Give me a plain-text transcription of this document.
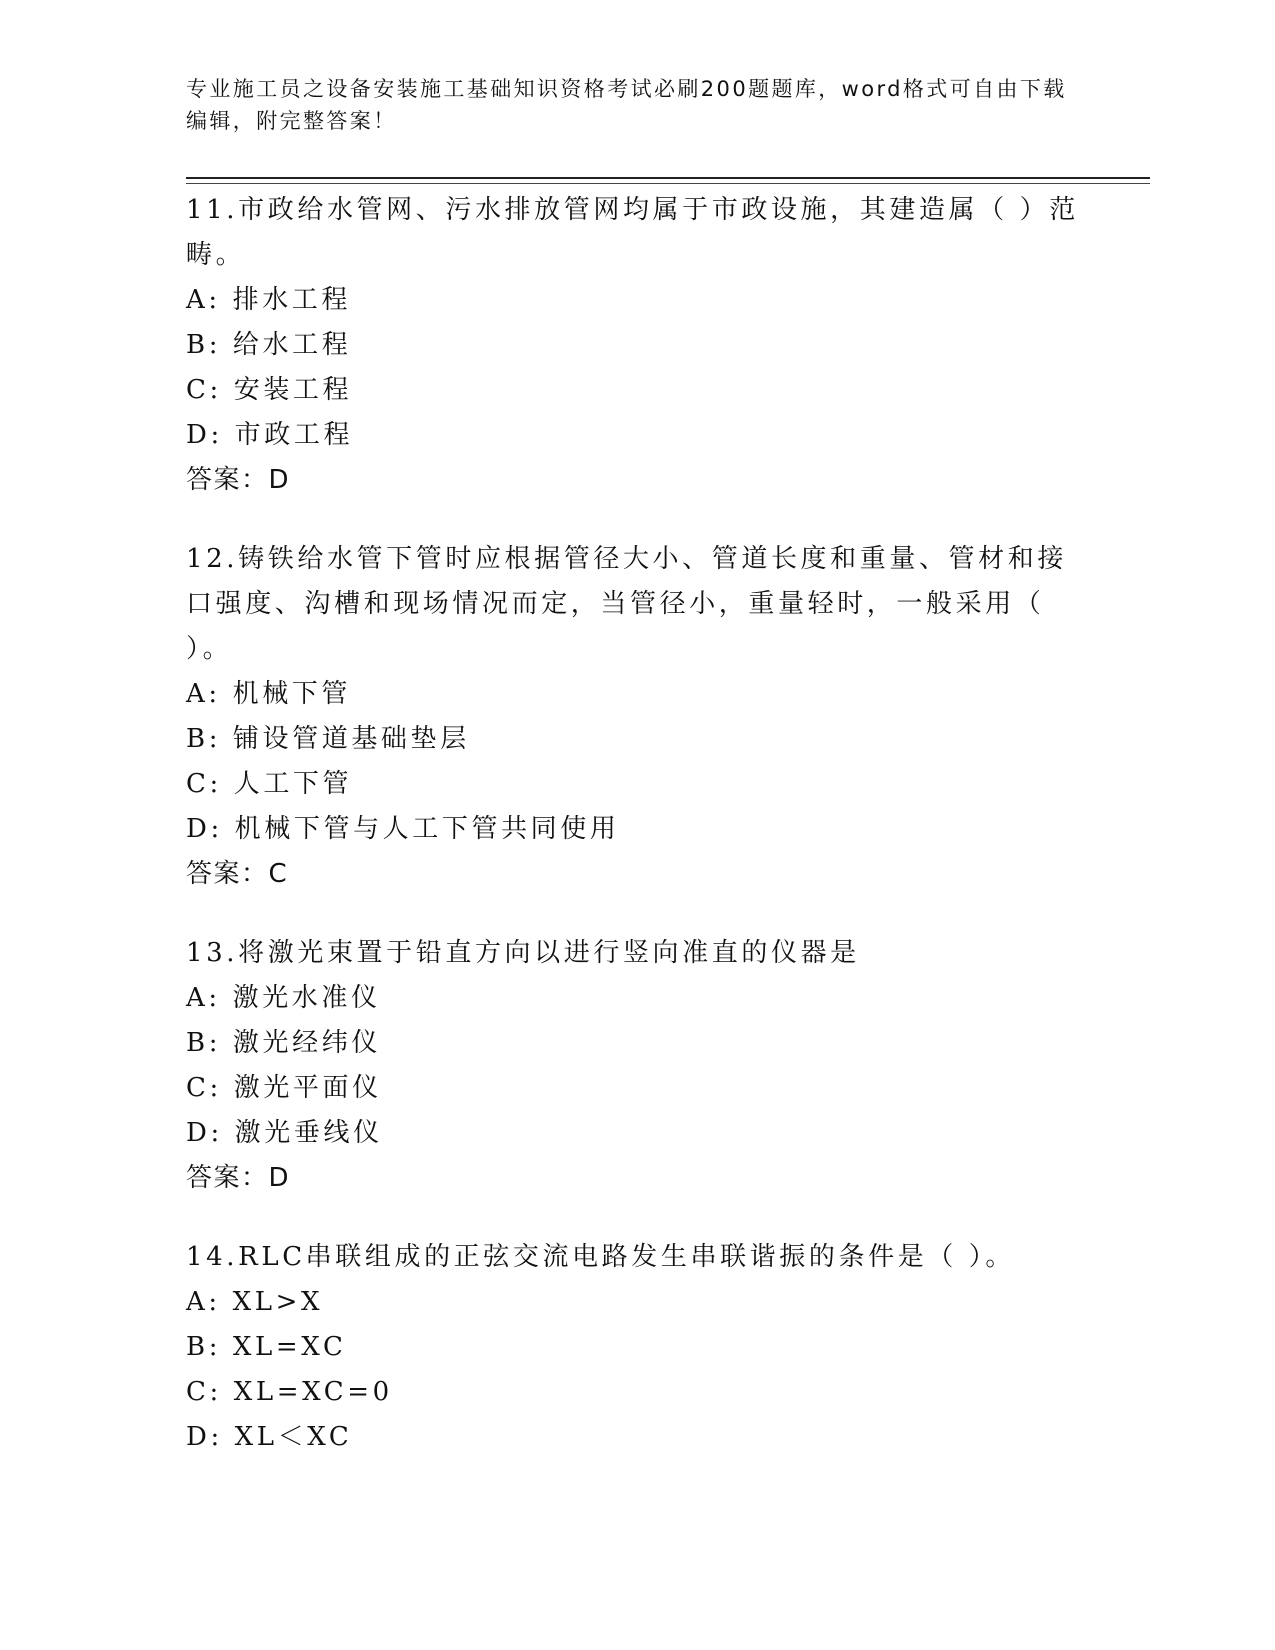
专业施工员之设备安装施工基础知识资格考试必刷200题题库，word格式可自由下载编辑，附完整答案！

11.市政给水管网、污水排放管网均属于市政设施，其建造属（ ）范畴。

A: 排水工程

B: 给水工程

C: 安装工程

D: 市政工程

答案：D

12.铸铁给水管下管时应根据管径大小、管道长度和重量、管材和接口强度、沟槽和现场情况而定，当管径小，重量轻时，一般采用（ ）。

A: 机械下管

B: 铺设管道基础垫层

C: 人工下管

D: 机械下管与人工下管共同使用

答案：C

13.将激光束置于铅直方向以进行竖向准直的仪器是

A: 激光水准仪

B: 激光经纬仪

C: 激光平面仪

D: 激光垂线仪

答案：D

14.RLC串联组成的正弦交流电路发生串联谐振的条件是（ ）。

A: XL>X

B: XL=XC

C: XL=XC=0

D: XL＜XC
